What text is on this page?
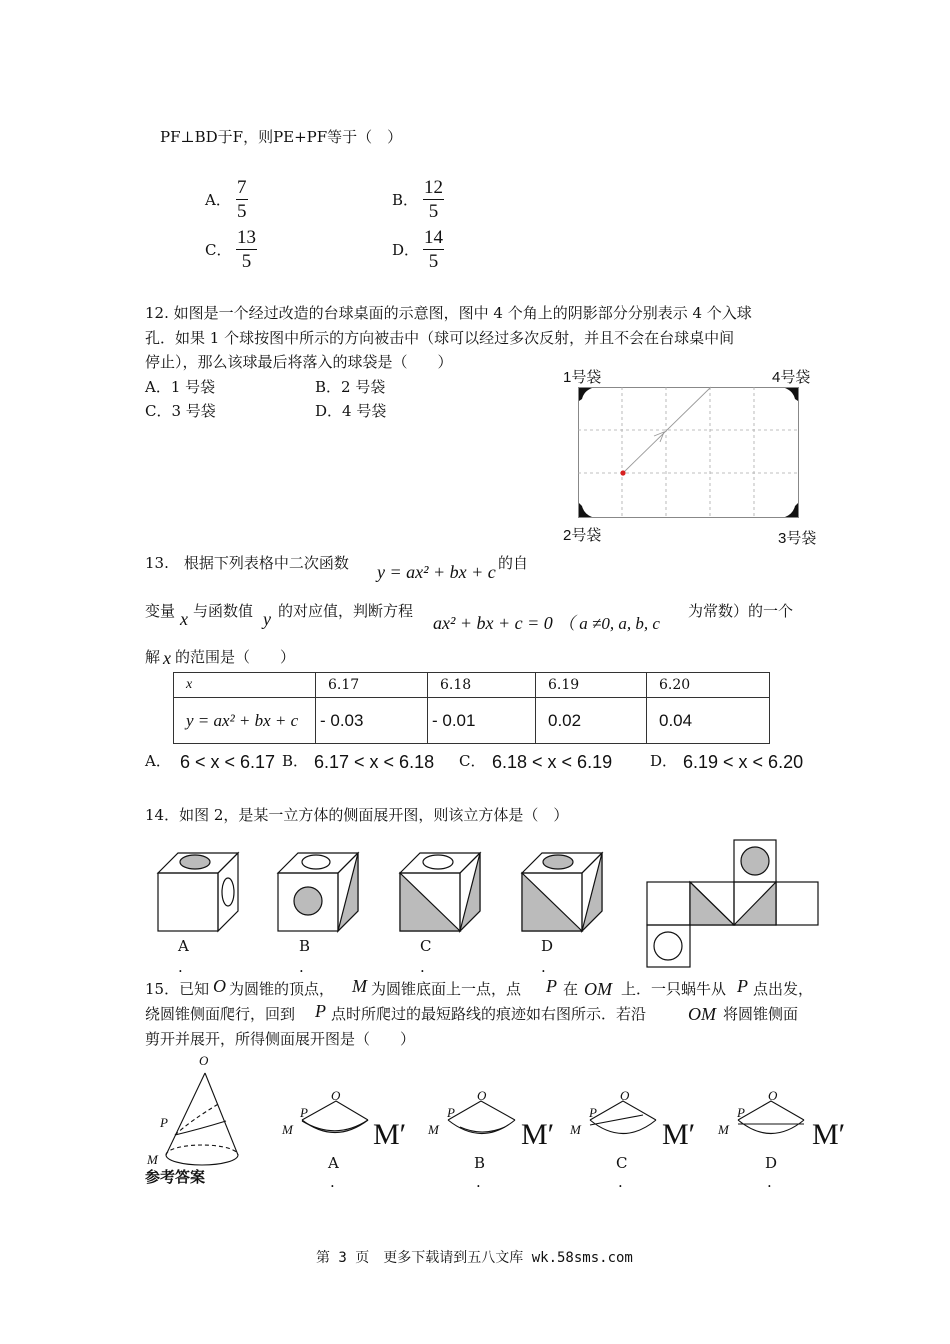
PF⊥BD于F，则PE+PF等于（　）
A． $\frac{7}{5}$	B． $\frac{12}{5}$
C． $\frac{13}{5}$	D． $\frac{14}{5}$
12. 如图是一个经过改造的台球桌面的示意图，图中 4 个角上的阴影部分分别表示 4 个入球
孔．如果 1 个球按图中所示的方向被击中（球可以经过多次反射，并且不会在台球桌中间
停止），那么该球最后将落入的球袋是（　　）
A．1 号袋	B．2 号袋
C．3 号袋	D．4 号袋
1号袋	4号袋
2号袋	3号袋
13.　根据下列表格中二次函数 y = ax² + bx + c 的自
变量 x 与函数值 y 的对应值，判断方程
ax² + bx + c = 0 （ a ≠0, a, b, c
为常数）的一个
解 x 的范围是（　　）
x	6.17	6.18	6.19	6.20
y = ax² + bx + c	- 0.03	- 0.01	0.02	0.04
A． 6 < x < 6.17 B． 6.17 < x < 6.18 C． 6.18 < x < 6.19	D． 6.19 < x < 6.20
14．如图 2，是某一立方体的侧面展开图，则该立方体是（　）
A
.
B
.
C
.
D
.
15．已知 O 为圆锥的顶点， M 为圆锥底面上一点，点 P 在 OM 上．一只蜗牛从 P 点出发，
绕圆锥侧面爬行，回到 P 点时所爬过的最短路线的痕迹如右图所示．若沿 OM 将圆锥侧面
剪开并展开，所得侧面展开图是（　　）
O
P
M
O
P
M	M′
A
.
O
P
M	M′
B
.
O
P
M	M′
C
.
O
P
M	M′
D
.
参考答案
第 3 页　更多下载请到五八文库 wk.58sms.com
